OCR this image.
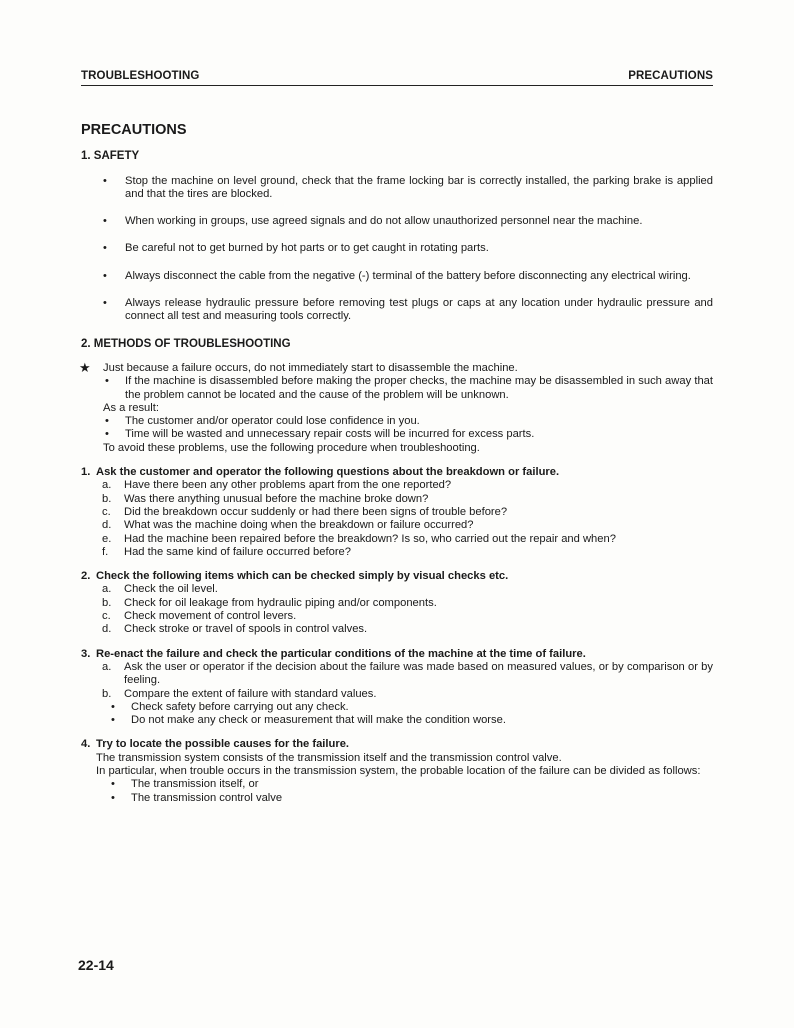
TROUBLESHOOTING	PRECAUTIONS
PRECAUTIONS
1. SAFETY
• Stop the machine on level ground, check that the frame locking bar is correctly installed, the parking brake is applied and that the tires are blocked.
• When working in groups, use agreed signals and do not allow unauthorized personnel near the machine.
• Be careful not to get burned by hot parts or to get caught in rotating parts.
• Always disconnect the cable from the negative (-) terminal of the battery before disconnecting any electrical wiring.
• Always release hydraulic pressure before removing test plugs or caps at any location under hydraulic pressure and connect all test and measuring tools correctly.
2. METHODS OF TROUBLESHOOTING
★ Just because a failure occurs, do not immediately start to disassemble the machine.
• If the machine is disassembled before making the proper checks, the machine may be disassembled in such away that the problem cannot be located and the cause of the problem will be unknown.
As a result:
• The customer and/or operator could lose confidence in you.
• Time will be wasted and unnecessary repair costs will be incurred for excess parts.
To avoid these problems, use the following procedure when troubleshooting.
1. Ask the customer and operator the following questions about the breakdown or failure.
a. Have there been any other problems apart from the one reported?
b. Was there anything unusual before the machine broke down?
c. Did the breakdown occur suddenly or had there been signs of trouble before?
d. What was the machine doing when the breakdown or failure occurred?
e. Had the machine been repaired before the breakdown? Is so, who carried out the repair and when?
f. Had the same kind of failure occurred before?
2. Check the following items which can be checked simply by visual checks etc.
a. Check the oil level.
b. Check for oil leakage from hydraulic piping and/or components.
c. Check movement of control levers.
d. Check stroke or travel of spools in control valves.
3. Re-enact the failure and check the particular conditions of the machine at the time of failure.
a. Ask the user or operator if the decision about the failure was made based on measured values, or by comparison or by feeling.
b. Compare the extent of failure with standard values.
• Check safety before carrying out any check.
• Do not make any check or measurement that will make the condition worse.
4. Try to locate the possible causes for the failure.
The transmission system consists of the transmission itself and the transmission control valve.
In particular, when trouble occurs in the transmission system, the probable location of the failure can be divided as follows:
• The transmission itself, or
• The transmission control valve
22-14
